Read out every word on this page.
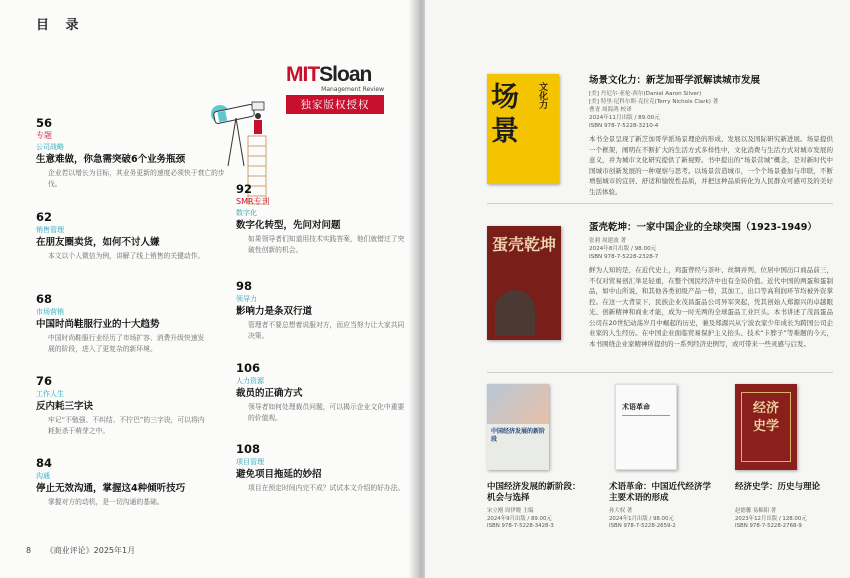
目 录
MITSloan
Management Review
独家版权授权
56
专题
公司战略
生意难做，你急需突破6个业务瓶颈
企业若以增长为目标，其业务更新的速度必须快于衰亡的步伐。
62
销售管理
在朋友圈卖货，如何不讨人嫌
本文以个人微信为例，讲解了线上销售的关键动作。
68
市场营销
中国时尚鞋服行业的十大趋势
中国时尚鞋服行业经历了市场扩容、消费升级快速发展的阶段，进入了更复杂的新环境。
76
工作人生
反内耗三字诀
牢记“不勉强、不纠结、不拧巴”的三字诀，可以将内耗扼杀于萌芽之中。
84
沟通
停止无效沟通，掌握这4种倾听技巧
掌握对方的动机，是一切沟通的基础。
92
SMR专刊
数字化
数字化转型，先问对问题
如果领导者们知道用技术实践答案，他们就错过了突破性创新的机会。
98
领导力
影响力是条双行道
管理者不要总想着说服对方，而应当努力让大家共同决策。
106
人力资源
裁员的正确方式
领导者如何处理裁员问题，可以揭示企业文化中重要的价值观。
108
项目管理
避免项目拖延的妙招
项目在预定时间内完不成？试试本文介绍的好办法。
8 《商业评论》2025年1月
场景
文化力
场景文化力：新芝加哥学派解读城市发展
[美] 丹尼尔·亚伦·西尔(Daniel Aaron Silver)
[美] 特里·尼科尔斯·克拉克(Terry Nichols Clark) 著
曹青 周海鸿 校译
2024年11月出版 / 89.00元
ISBN 978-7-5228-3210-4
本书全景呈现了新芝加哥学派场景理论的形成、发展以及国际研究新进展。场景提供一个框架，阐明在不断扩大的生活方式多样性中，文化消费与生活方式对城市发展的意义，并为城市文化研究提供了新视野。书中提出的“场景营城”概念，是对新时代中国城市创新发展的一种观察与思考。以场景营造城市，一个个场景叠加与串联，不断增强城市的宜居、舒适和愉悦性品质，并把这种品质转化为人民群众可感可及的美好生活体验。
蛋壳乾坤
蛋壳乾坤：一家中国企业的全球突围（1923-1949）
张莉 周建波 著
2024年8月出版 / 98.00元
ISBN 978-7-5228-2328-7
鲜为人知的是，在近代史上，鸡蛋曾经与茶叶、丝绸并列，位居中国出口商品前三，不仅对贸易创汇举足轻重，在整个国民经济中也有全局价值。近代中国的两蛋和蛋制品，如中山所说，和其他各类初级产品一样，其加工、出口等高利润环节均被外资掌控。在这一大背景下，民族企业茂昌蛋品公司异军突起，凭其创始人郑源兴的卓越眼光、创新精神和商业才能，成为一时无两的全球蛋品工业巨头。本书讲述了茂昌蛋品公司在20世纪动荡岁月中崛起的历史，兼及郑源兴从宁波农家少年成长为跨国公司企业家的人生经历。在中国企业面临贸易保护主义抬头、技术“卡脖子”等难题的今天，本书围绕企业家精神所提供的一系列经济史例写，或可带来一些灵感与启发。
中国经济发展的新阶段
中国经济发展的新阶段：机会与选择
宋立刚 周伊晓 主编
2024年9月出版 / 89.00元
ISBN 978-7-5228-3428-3
术语革命
术语革命：中国近代经济学主要术语的形成
孙大权 著
2024年1月出版 / 98.00元
ISBN 978-7-5228-2659-2
经济史学
经济史学：历史与理论
赵德馨 易棉阳 著
2023年12月出版 / 128.00元
ISBN 978-7-5228-2768-9
